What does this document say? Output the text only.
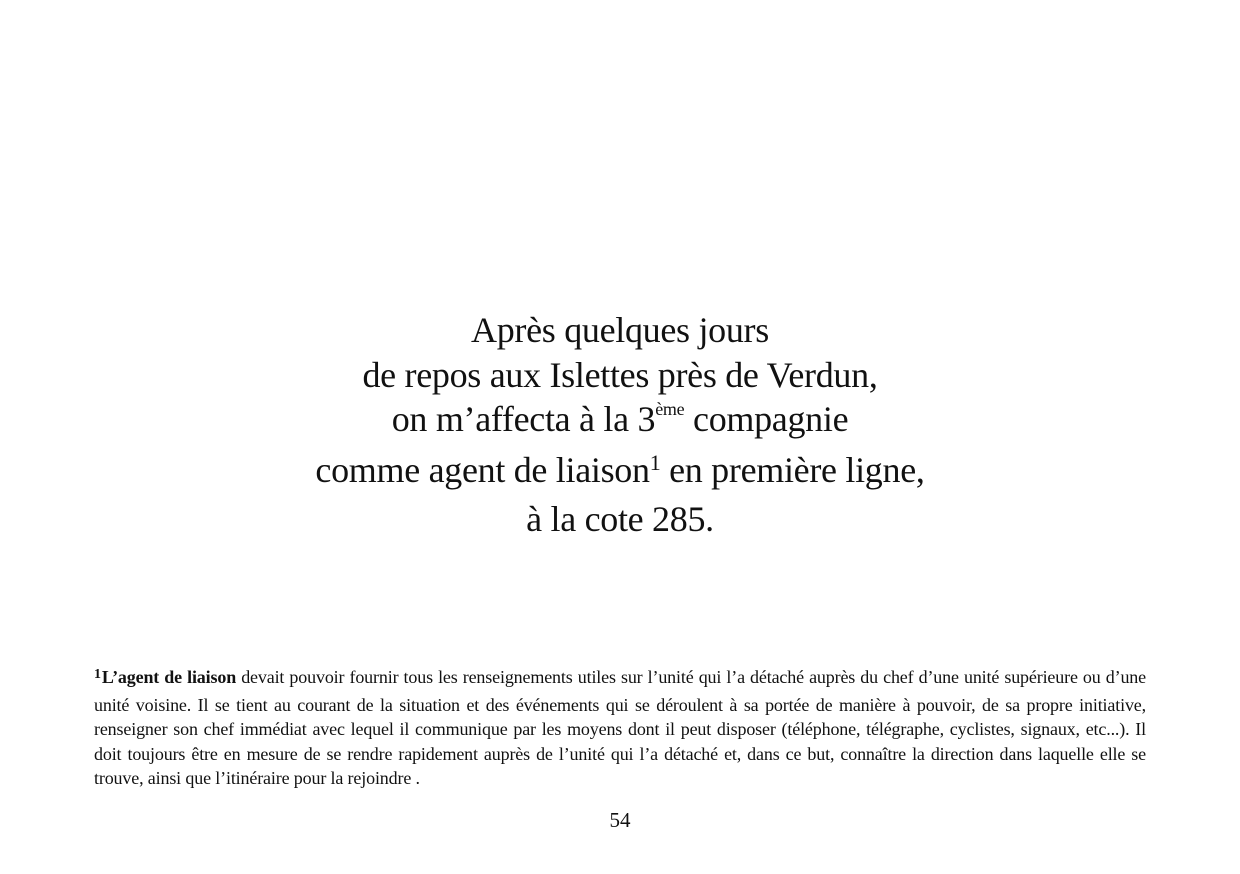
Après quelques jours
de repos aux Islettes près de Verdun,
on m’affecta à la 3ème compagnie
comme agent de liaison$^1$ en première ligne,
à la cote 285.
$^1$L’agent de liaison devait pouvoir fournir tous les renseignements utiles sur l’unité qui l’a détaché auprès du chef d’une unité supérieure ou d’une unité voisine. Il se tient au courant de la situation et des événements qui se déroulent à sa portée de manière à pouvoir, de sa propre initiative, renseigner son chef immédiat avec lequel il communique par les moyens dont il peut disposer (téléphone, télégraphe, cyclistes, signaux, etc...). Il doit toujours être en mesure de se rendre rapidement auprès de l’unité qui l’a détaché et, dans ce but, connaître la direction dans laquelle elle se trouve, ainsi que l’itinéraire pour la rejoindre .
54
